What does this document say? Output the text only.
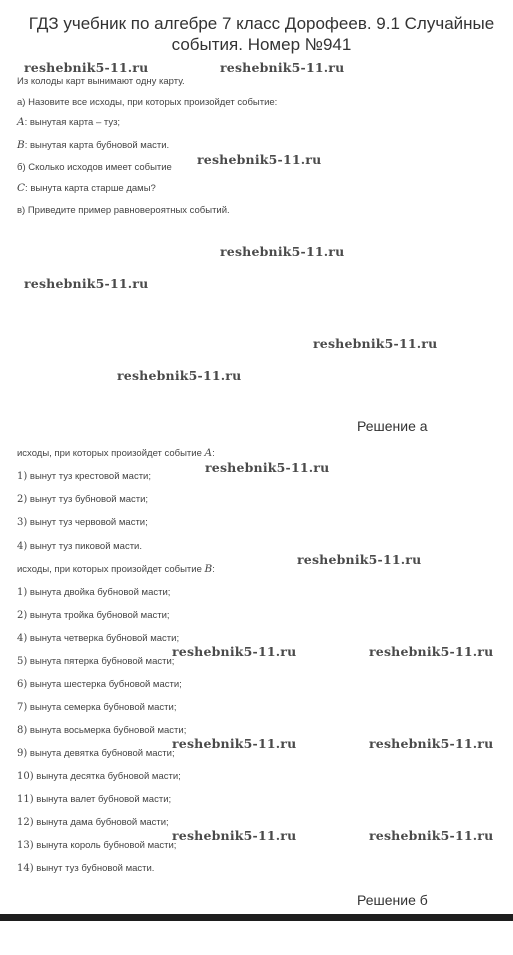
ГДЗ учебник по алгебре 7 класс Дорофеев. 9.1 Случайные события. Номер №941
Из колоды карт вынимают одну карту.
а) Назовите все исходы, при которых произойдет событие:
A: вынутая карта – туз;
B: вынутая карта бубновой масти.
б) Сколько исходов имеет событие
C: вынута карта старше дамы?
в) Приведите пример равновероятных событий.
Решение а
исходы, при которых произойдет событие A:
1) вынут туз крестовой масти;
2) вынут туз бубновой масти;
3) вынут туз червовой масти;
4) вынут туз пиковой масти.
исходы, при которых произойдет событие B:
1) вынута двойка бубновой масти;
2) вынута тройка бубновой масти;
4) вынута четверка бубновой масти;
5) вынута пятерка бубновой масти;
6) вынута шестерка бубновой масти;
7) вынута семерка бубновой масти;
8) вынута восьмерка бубновой масти;
9) вынута девятка бубновой масти;
10) вынута десятка бубновой масти;
11) вынута валет бубновой масти;
12) вынута дама бубновой масти;
13) вынута король бубновой масти;
14) вынут туз бубновой масти.
Решение б
reshebnik5-11.ru	reshebnik5-11.ru
reshebnik5-11.ru
reshebnik5-11.ru
reshebnik5-11.ru
reshebnik5-11.ru
reshebnik5-11.ru
reshebnik5-11.ru
reshebnik5-11.ru
reshebnik5-11.ru	reshebnik5-11.ru
reshebnik5-11.ru	reshebnik5-11.ru
reshebnik5-11.ru	reshebnik5-11.ru
